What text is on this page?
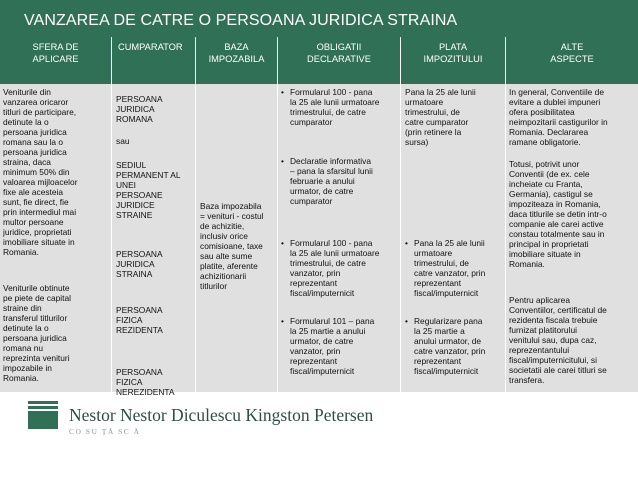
VANZAREA DE CATRE O PERSOANA JURIDICA STRAINA
SFERA DE
APLICARE
CUMPARATOR	BAZA
IMPOZABILA
OBLIGATII
DECLARATIVE
PLATA
IMPOZITULUI
ALTE
ASPECTE
Veniturile din
vanzarea oricaror
titluri de participare,
detinute la o
persoana juridica
romana sau la o
persoana juridica
straina, daca
minimum 50% din
valoarea mijloacelor
fixe ale acesteia
sunt, fie direct, fie
prin intermediul mai
multor persoane
juridice, proprietati
imobiliare situate in
Romania.
Veniturile obtinute
pe piete de capital
straine din
transferul titlurilor
detinute la o
persoana juridica
romana nu
reprezinta venituri
impozabile in
Romania.
PERSOANA
JURIDICA
ROMANA
sau
SEDIUL
PERMANENT AL
UNEI
PERSOANE
JURIDICE
STRAINE
PERSOANA
JURIDICA
STRAINA
PERSOANA
FIZICA
REZIDENTA
PERSOANA
FIZICA
NEREZIDENTA
Baza impozabila
= venituri - costul
de achizitie,
inclusiv orice
comisioane, taxe
sau alte sume
platite, aferente
achizitionarii
titlurilor
• Formularul 100 - pana
la 25 ale lunii urmatoare
trimestrului, de catre
cumparator
• Declaratie informativa
– pana la sfarsitul lunii
februarie a anului
urmator, de catre
cumparator
• Formularul 100 - pana
la 25 ale lunii urmatoare
trimestrului, de catre
vanzator, prin
reprezentant
fiscal/imputernicit
• Formularul 101 – pana
la 25 martie a anului
urmator, de catre
vanzator, prin
reprezentant
fiscal/imputernicit
Pana la 25 ale lunii
urmatoare
trimestrului, de
catre cumparator
(prin retinere la
sursa)
• Pana la 25 ale lunii
urmatoare
trimestrului, de
catre vanzator, prin
reprezentant
fiscal/imputernicit
• Regularizare pana
la 25 martie a
anului urmator, de
catre vanzator, prin
reprezentant
fiscal/imputernicit
In general, Conventiile de
evitare a dublei impuneri
ofera posibilitatea
neimpozitarii castigurilor in
Romania. Declararea
ramane obligatorie.
Totusi, potrivit unor
Conventii (de ex. cele
incheiate cu Franta,
Germania), castigul se
impoziteaza in Romania,
daca titlurile se detin intr-o
companie ale carei active
constau totalmente sau in
principal in proprietati
imobiliare situate in
Romania.
Pentru aplicarea
Conventiilor, certificatul de
rezidenta fiscala trebuie
furnizat platitorului
venitului sau, dupa caz,
reprezentantului
fiscal/imputernicitului, si
societatii ale carei titluri se
transfera.
Nestor Nestor Diculescu Kingston Petersen
CO SU ŢĂ SC Ă
